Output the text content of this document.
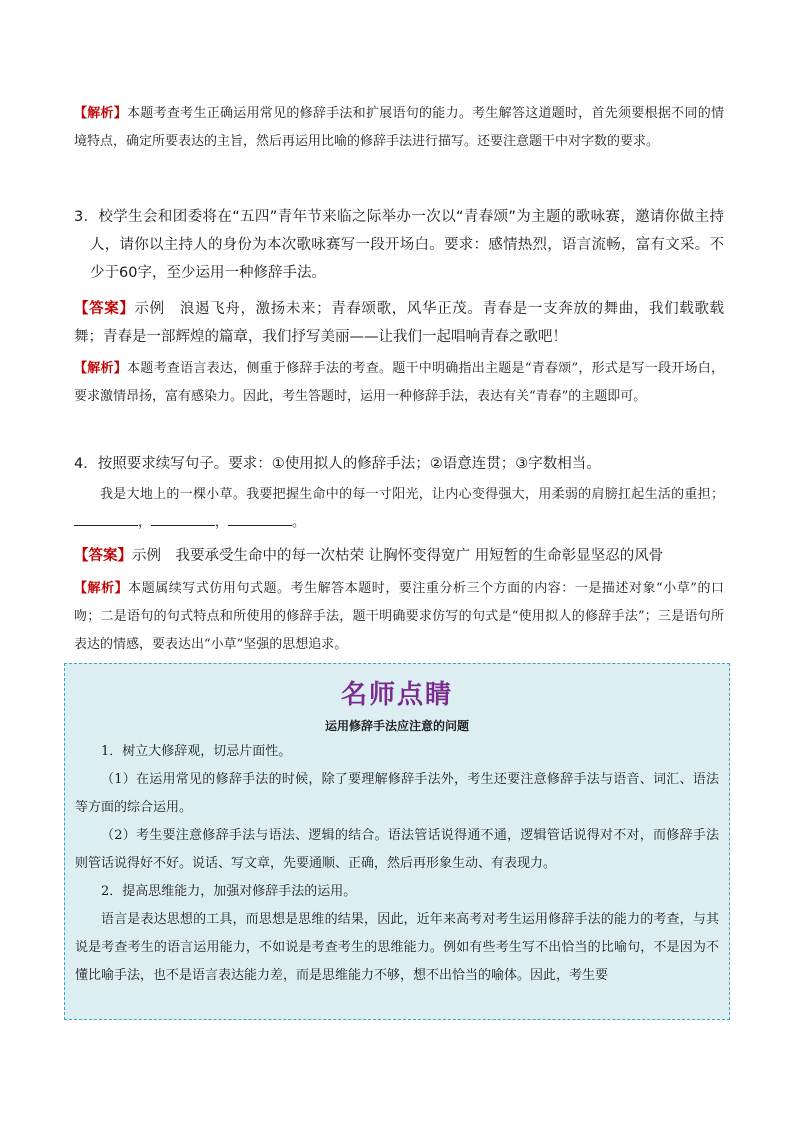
【解析】本题考查考生正确运用常见的修辞手法和扩展语句的能力。考生解答这道题时，首先须要根据不同的情境特点，确定所要表达的主旨，然后再运用比喻的修辞手法进行描写。还要注意题干中对字数的要求。
3．校学生会和团委将在“五四”青年节来临之际举办一次以“青春颂”为主题的歌咏赛，邀请你做主持人，请你以主持人的身份为本次歌咏赛写一段开场白。要求：感情热烈，语言流畅，富有文采。不少于60字，至少运用一种修辞手法。
【答案】示例　浪遏飞舟，激扬未来；青春颂歌，风华正茂。青春是一支奔放的舞曲，我们载歌载舞；青春是一部辉煌的篇章，我们抒写美丽——让我们一起唱响青春之歌吧！
【解析】本题考查语言表达，侧重于修辞手法的考查。题干中明确指出主题是“青春颂”，形式是写一段开场白，要求激情昂扬，富有感染力。因此，考生答题时，运用一种修辞手法，表达有关“青春”的主题即可。
4．按照要求续写句子。要求：①使用拟人的修辞手法；②语意连贯；③字数相当。
我是大地上的一棵小草。我要把握生命中的每一寸阳光，让内心变得强大，用柔弱的肩膀扛起生活的重担；，	，	。
【答案】示例　我要承受生命中的每一次枯荣 让胸怀变得宽广 用短暂的生命彰显坚忍的风骨
【解析】本题属续写式仿用句式题。考生解答本题时，要注重分析三个方面的内容：一是描述对象“小草”的口吻；二是语句的句式特点和所使用的修辞手法，题干明确要求仿写的句式是“使用拟人的修辞手法”；三是语句所表达的情感，要表达出“小草”坚强的思想追求。
名师点睛
运用修辞手法应注意的问题

1．树立大修辞观，切忌片面性。

（1）在运用常见的修辞手法的时候，除了要理解修辞手法外，考生还要注意修辞手法与语音、词汇、语法等方面的综合运用。

（2）考生要注意修辞手法与语法、逻辑的结合。语法管话说得通不通，逻辑管话说得对不对，而修辞手法则管话说得好不好。说话、写文章，先要通顺、正确，然后再形象生动、有表现力。

2．提高思维能力，加强对修辞手法的运用。

语言是表达思想的工具，而思想是思维的结果，因此，近年来高考对考生运用修辞手法的能力的考查，与其说是考查考生的语言运用能力，不如说是考查考生的思维能力。例如有些考生写不出恰当的比喻句，不是因为不懂比喻手法，也不是语言表达能力差，而是思维能力不够，想不出恰当的喻体。因此，考生要
